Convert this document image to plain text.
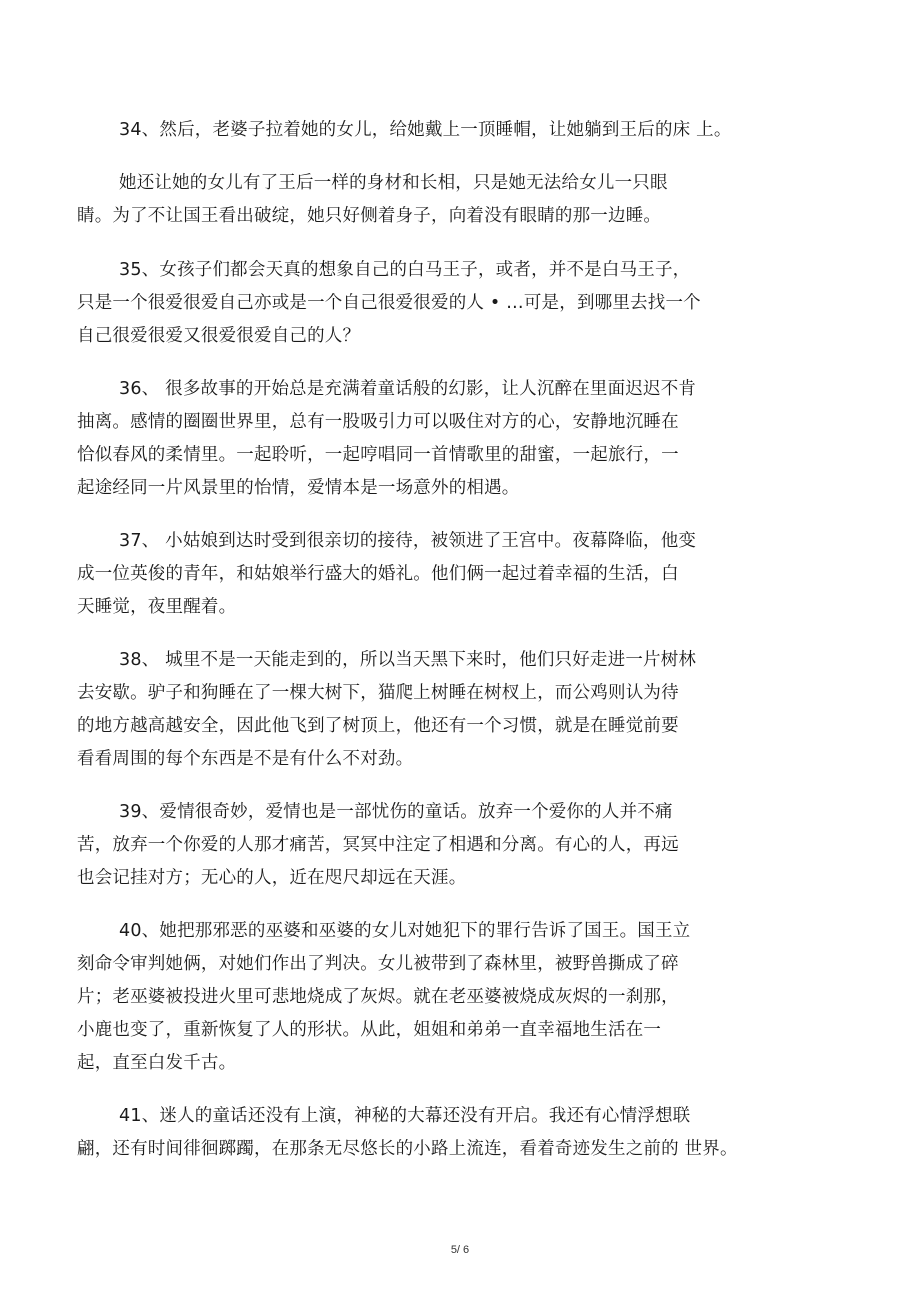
34、然后，老婆子拉着她的女儿，给她戴上一顶睡帽，让她躺到王后的床 上。
她还让她的女儿有了王后一样的身材和长相，只是她无法给女儿一只眼
睛。为了不让国王看出破绽，她只好侧着身子，向着没有眼睛的那一边睡。
35、女孩子们都会天真的想象自己的白马王子，或者，并不是白马王子，
只是一个很爱很爱自己亦或是一个自己很爱很爱的人 • …可是，到哪里去找一个
自己很爱很爱又很爱很爱自己的人？
36、 很多故事的开始总是充满着童话般的幻影，让人沉醉在里面迟迟不肯
抽离。感情的圈圈世界里，总有一股吸引力可以吸住对方的心，安静地沉睡在
恰似春风的柔情里。一起聆听，一起哼唱同一首情歌里的甜蜜，一起旅行，一
起途经同一片风景里的怡情，爱情本是一场意外的相遇。
37、 小姑娘到达时受到很亲切的接待，被领进了王宫中。夜幕降临，他变
成一位英俊的青年，和姑娘举行盛大的婚礼。他们俩一起过着幸福的生活，白
天睡觉，夜里醒着。
38、 城里不是一天能走到的，所以当天黑下来时，他们只好走进一片树林
去安歇。驴子和狗睡在了一棵大树下，猫爬上树睡在树杈上，而公鸡则认为待
的地方越高越安全，因此他飞到了树顶上，他还有一个习惯，就是在睡觉前要
看看周围的每个东西是不是有什么不对劲。
39、爱情很奇妙，爱情也是一部忧伤的童话。放弃一个爱你的人并不痛
苦，放弃一个你爱的人那才痛苦，冥冥中注定了相遇和分离。有心的人，再远
也会记挂对方；无心的人，近在咫尺却远在天涯。
40、她把那邪恶的巫婆和巫婆的女儿对她犯下的罪行告诉了国王。国王立
刻命令审判她俩，对她们作出了判决。女儿被带到了森林里，被野兽撕成了碎
片；老巫婆被投进火里可悲地烧成了灰烬。就在老巫婆被烧成灰烬的一刹那，
小鹿也变了，重新恢复了人的形状。从此，姐姐和弟弟一直幸福地生活在一
起，直至白发千古。
41、迷人的童话还没有上演，神秘的大幕还没有开启。我还有心情浮想联
翩，还有时间徘徊踯躅，在那条无尽悠长的小路上流连，看着奇迹发生之前的 世界。
5/ 6
